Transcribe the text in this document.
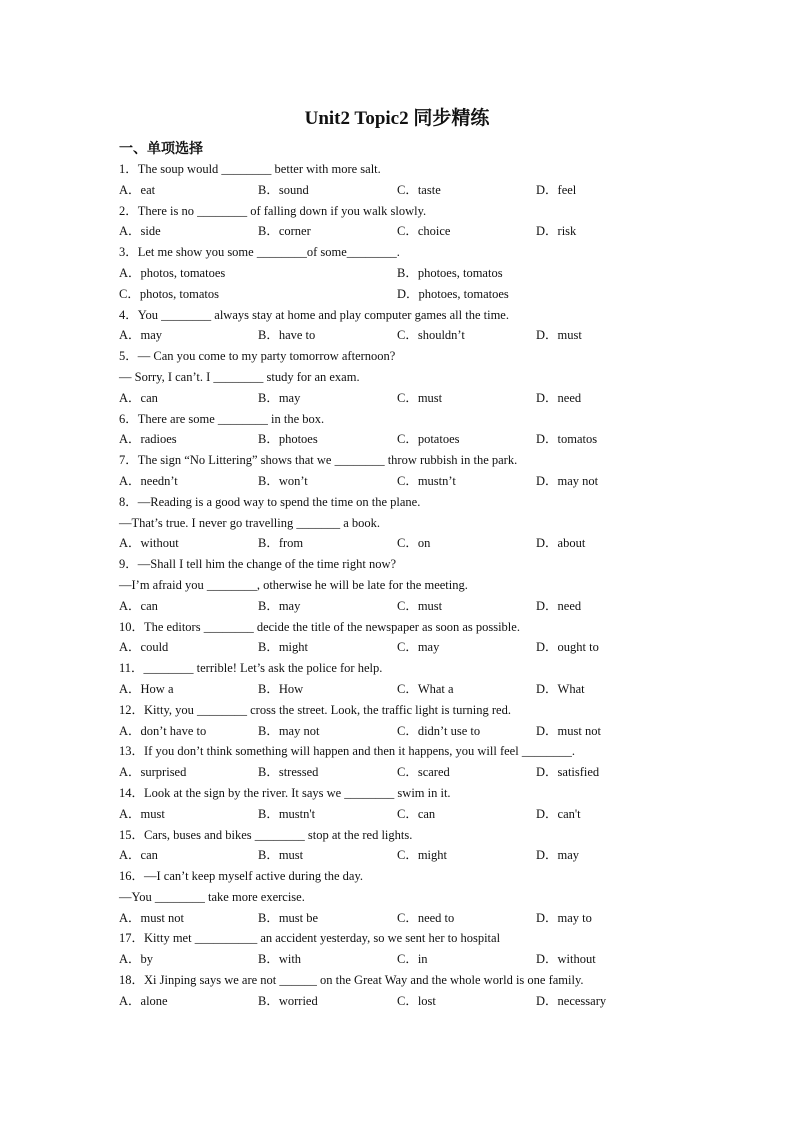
Unit2 Topic2 同步精练
一、单项选择
1．The soup would ________ better with more salt.
A．eat	B．sound	C．taste	D．feel
2．There is no ________ of falling down if you walk slowly.
A．side	B．corner	C．choice	D．risk
3．Let me show you some ________of some________.
A．photos, tomatoes	B．photoes, tomatos
C．photos, tomatos	D．photoes, tomatoes
4．You ________ always stay at home and play computer games all the time.
A．may	B．have to	C．shouldn’t	D．must
5．— Can you come to my party tomorrow afternoon?
— Sorry, I can’t. I ________ study for an exam.
A．can	B．may	C．must	D．need
6．There are some ________ in the box.
A．radioes	B．photoes	C．potatoes	D．tomatos
7．The sign “No Littering” shows that we ________ throw rubbish in the park.
A．needn’t	B．won’t	C．mustn’t	D．may not
8．—Reading is a good way to spend the time on the plane.
—That’s true. I never go travelling _______ a book.
A．without	B．from	C．on	D．about
9．—Shall I tell him the change of the time right now?
—I’m afraid you ________, otherwise he will be late for the meeting.
A．can	B．may	C．must	D．need
10．The editors ________ decide the title of the newspaper as soon as possible.
A．could	B．might	C．may	D．ought to
11．________ terrible! Let’s ask the police for help.
A．How a	B．How	C．What a	D．What
12．Kitty, you ________ cross the street. Look, the traffic light is turning red.
A．don’t have to	B．may not	C．didn’t use to	D．must not
13．If you don’t think something will happen and then it happens, you will feel ________.
A．surprised	B．stressed	C．scared	D．satisfied
14．Look at the sign by the river. It says we ________ swim in it.
A．must	B．mustn't	C．can	D．can't
15．Cars, buses and bikes ________ stop at the red lights.
A．can	B．must	C．might	D．may
16．—I can’t keep myself active during the day.
—You ________ take more exercise.
A．must not	B．must be	C．need to	D．may to
17．Kitty met __________ an accident yesterday, so we sent her to hospital
A．by	B．with	C．in	D．without
18．Xi Jinping says we are not ______ on the Great Way and the whole world is one family.
A．alone	B．worried	C．lost	D．necessary
